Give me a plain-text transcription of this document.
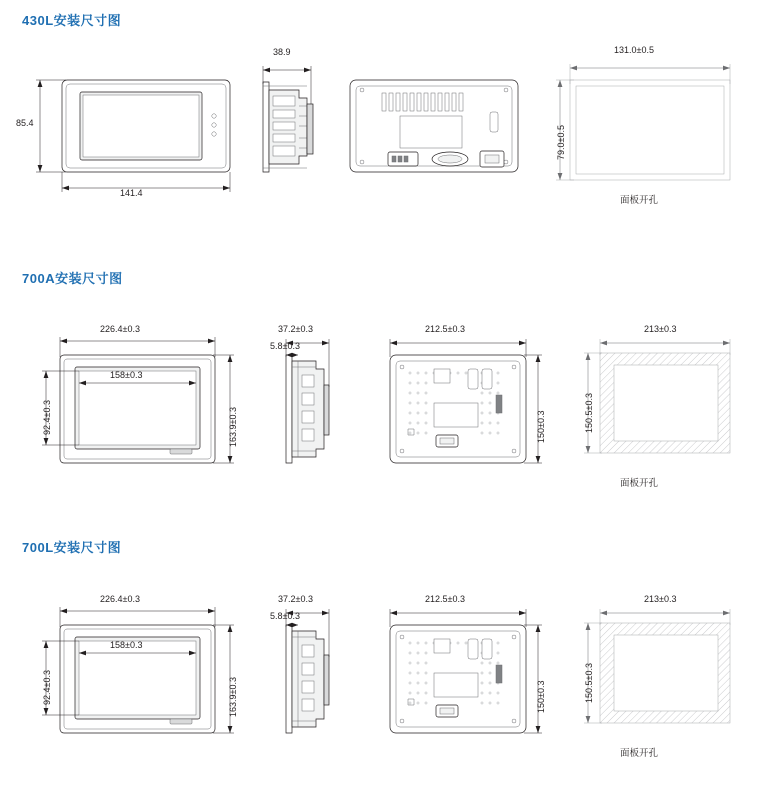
430L安装尺寸图
141.4
85.4
38.9	131.0±0.5
79.0±0.5
面板开孔
700A安装尺寸图
226.4±0.3
158±0.3
163.9±0.3
92.4±0.3
37.2±0.3
5.8±0.3
212.5±0.3
150±0.3
213±0.3
150.5±0.3
面板开孔
700L安装尺寸图
226.4±0.3
158±0.3
163.9±0.3
92.4±0.3
37.2±0.3
5.8±0.3
212.5±0.3
150±0.3
213±0.3
150.5±0.3
面板开孔
